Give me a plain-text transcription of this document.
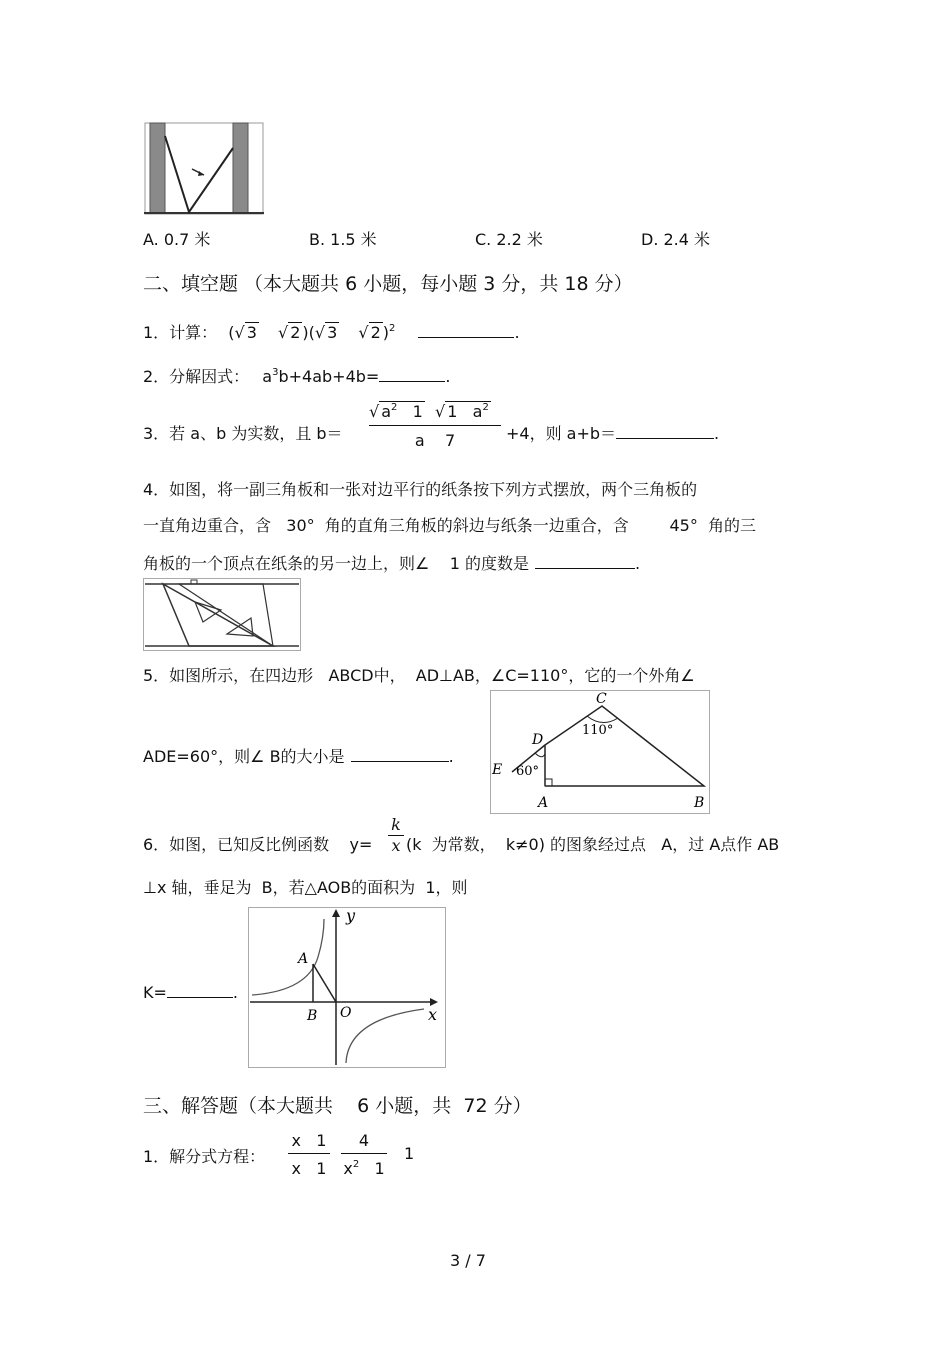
A. 0.7 米	B. 1.5 米	C. 2.2 米	D. 2.4 米
二、填空题 （本大题共 6 小题，每小题 3 分，共 18 分）
1．计算： (√ 3 √ 2 )(√ 3 √ 2 )$^2$	.
2．分解因式： $a^3b+4ab+4b=$	.
3．若 a、b 为实数，且 $b= \frac{√ a^2 1 √ 1 a^2}{a 7} +4$，则 a+b＝	.
4．如图，将一副三角板和一张对边平行的纸条按下列方式摆放，两个三角板的
一直角边重合，含   30°  角的直角三角板的斜边与纸条一边重合，含        45°  角的三
角板的一个顶点在纸条的另一边上，则∠    1 的度数是	.
5．如图所示，在四边形   ABCD中，  AD⊥AB，∠C=110°，它的一个外角∠
ADE=60°，则∠ B的大小是	.
C
D
E
A	B
110°
60°
6．如图，已知反比例函数    $y= \frac{k}{x} (k$  为常数，  k≠0) 的图象经过点   A，过 A点作 AB
⊥x 轴，垂足为  B，若△AOB的面积为  1，则
K=	.
y
x
A
B O
三、解答题（本大题共    6 小题，共  72 分）
1．解分式方程： $\frac{x 1}{x 1} \frac{4}{x^2 1} 1$
3 / 7
